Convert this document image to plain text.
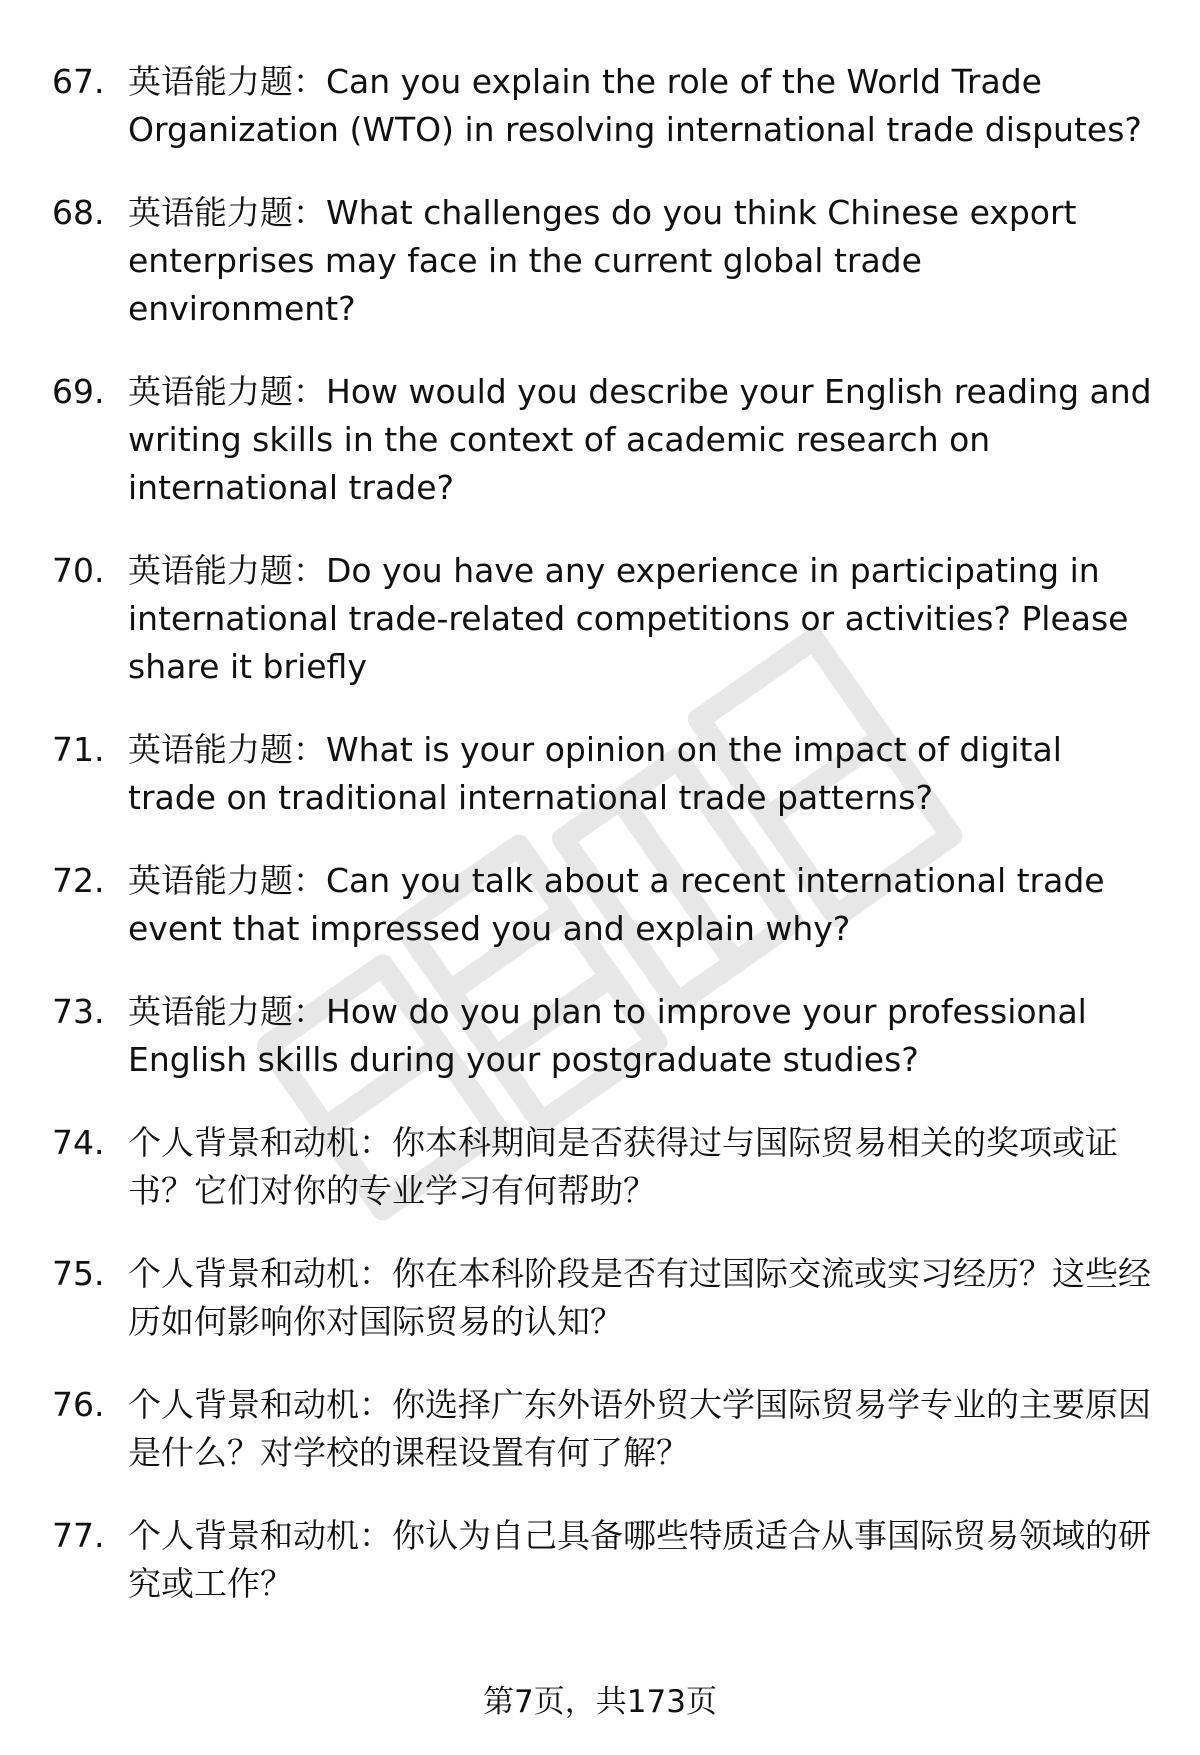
67. 英语能力题：Can you explain the role of the World Trade Organization (WTO) in resolving international trade disputes?
68. 英语能力题：What challenges do you think Chinese export enterprises may face in the current global trade environment?
69. 英语能力题：How would you describe your English reading and writing skills in the context of academic research on international trade?
70. 英语能力题：Do you have any experience in participating in international trade-related competitions or activities? Please share it briefly
71. 英语能力题：What is your opinion on the impact of digital trade on traditional international trade patterns?
72. 英语能力题：Can you talk about a recent international trade event that impressed you and explain why?
73. 英语能力题：How do you plan to improve your professional English skills during your postgraduate studies?
74. 个人背景和动机：你本科期间是否获得过与国际贸易相关的奖项或证书？它们对你的专业学习有何帮助？
75. 个人背景和动机：你在本科阶段是否有过国际交流或实习经历？这些经历如何影响你对国际贸易的认知？
76. 个人背景和动机：你选择广东外语外贸大学国际贸易学专业的主要原因是什么？对学校的课程设置有何了解？
77. 个人背景和动机：你认为自己具备哪些特质适合从事国际贸易领域的研究或工作？
第7页，共173页
